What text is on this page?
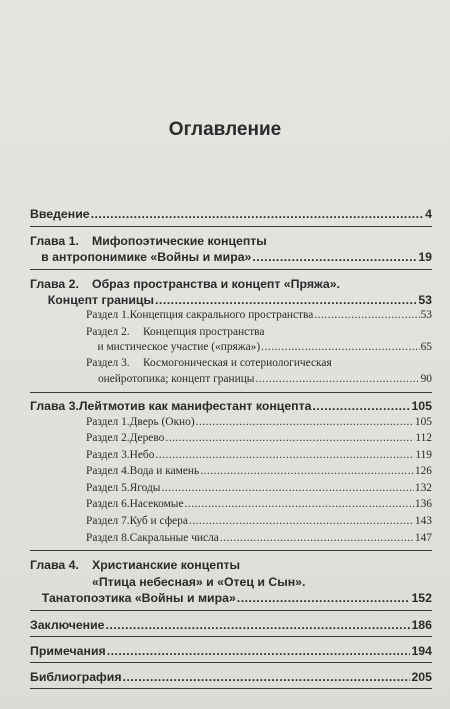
Оглавление
Введение .....	4
Глава 1. Мифопоэтические концепты
в антропонимике «Войны и мира» .....	19
Глава 2. Образ пространства и концепт «Пряжа».
Концепт границы .....	53
Раздел 1. Концепция сакрального пространства .....	53
Раздел 2. Концепция пространства
и мистическое участие («пряжа») .....	65
Раздел 3. Космогоническая и сотериологическая
онейротопика; концепт границы .....	90
Глава 3. Лейтмотив как манифестант концепта .....	105
Раздел 1. Дверь (Окно) .....	105
Раздел 2. Дерево .....	112
Раздел 3. Небо .....	119
Раздел 4. Вода и камень .....	126
Раздел 5. Ягоды .....	132
Раздел 6. Насекомые .....	136
Раздел 7. Куб и сфера .....	143
Раздел 8. Сакральные числа .....	147
Глава 4. Христианские концепты
«Птица небесная» и «Отец и Сын».
Танатопоэтика «Войны и мира» .....	152
Заключение .....	186
Примечания .....	194
Библиография .....	205
